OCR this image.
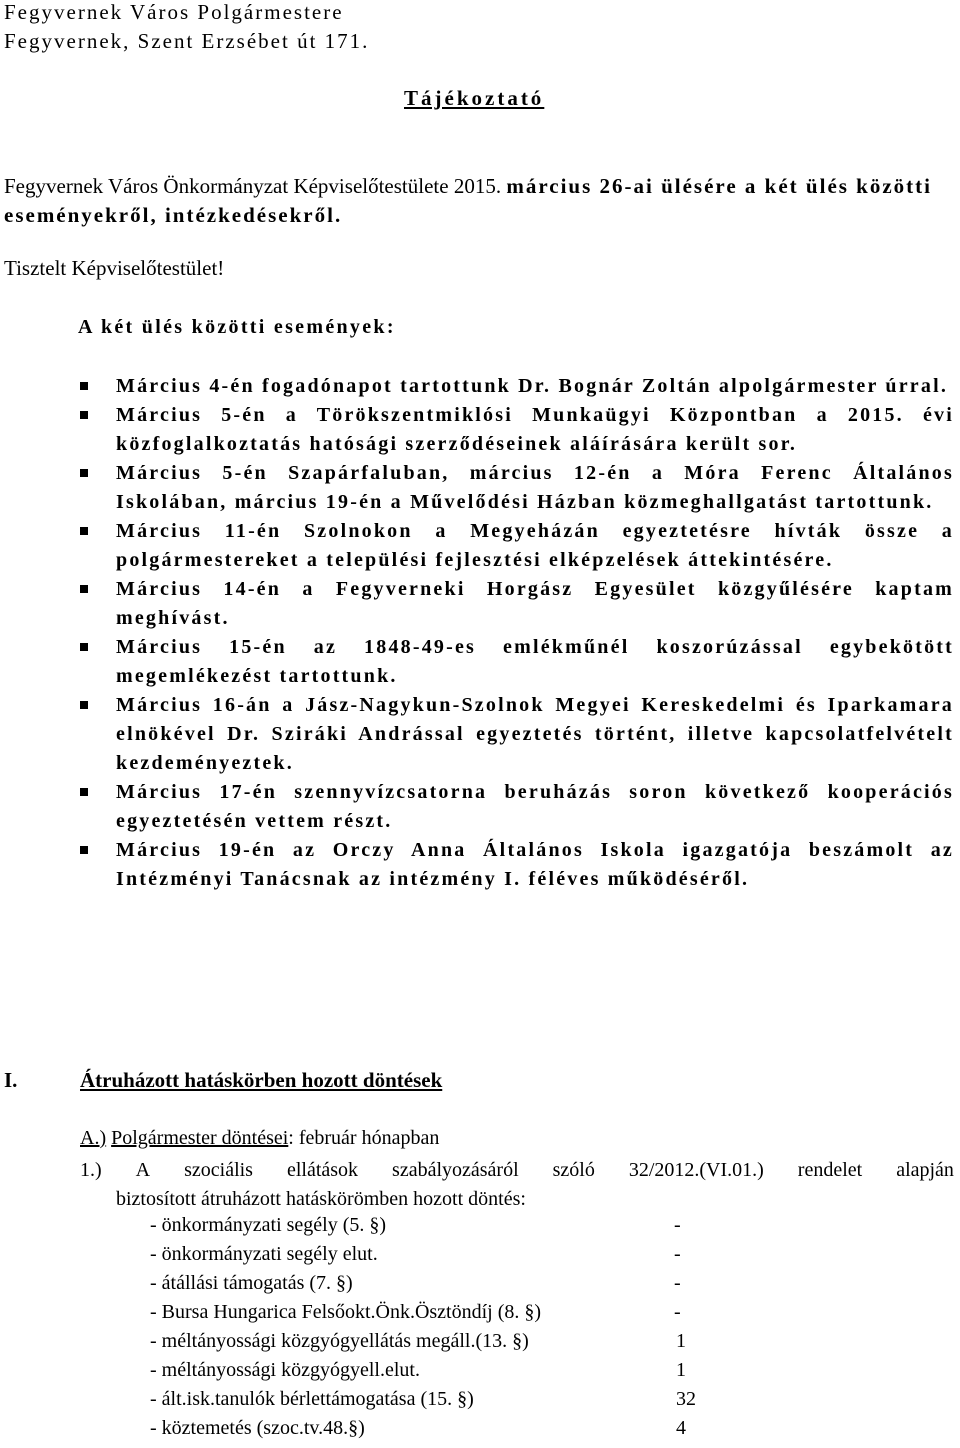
Fegyvernek Város Polgármestere
Fegyvernek, Szent Erzsébet út 171.
Tájékoztató
Fegyvernek Város Önkormányzat Képviselőtestülete 2015. március 26-ai ülésére a két ülés közötti eseményekről, intézkedésekről.
Tisztelt Képviselőtestület!
A két ülés közötti események:
Március 4-én fogadónapot tartottunk Dr. Bognár Zoltán alpolgármester úrral.
Március 5-én a Törökszentmiklósi Munkaügyi Központban a 2015. évi közfoglalkoztatás hatósági szerződéseinek aláírására került sor.
Március 5-én Szapárfaluban, március 12-én a Móra Ferenc Általános Iskolában, március 19-én a Művelődési Házban közmeghallgatást tartottunk.
Március 11-én Szolnokon a Megyeházán egyeztetésre hívták össze a polgármestereket a települési fejlesztési elképzelések áttekintésére.
Március 14-én a Fegyverneki Horgász Egyesület közgyűlésére kaptam meghívást.
Március 15-én az 1848-49-es emlékműnél koszorúzással egybekötött megemlékezést tartottunk.
Március 16-án a Jász-Nagykun-Szolnok Megyei Kereskedelmi és Iparkamara elnökével Dr. Sziráki Andrással egyeztetés történt, illetve kapcsolatfelvételt kezdeményeztek.
Március 17-én szennyvízcsatorna beruházás soron következő kooperációs egyeztetésén vettem részt.
Március 19-én az Orczy Anna Általános Iskola igazgatója beszámolt az Intézményi Tanácsnak az intézmény I. féléves működéséről.
I.	Átruházott hatáskörben hozott döntések
A.) Polgármester döntései: február hónapban
1.) A szociális ellátások szabályozásáról szóló 32/2012.(VI.01.) rendelet alapján
biztosított átruházott hatáskörömben hozott döntés:
- önkormányzati segély (5. §)	-
- önkormányzati segély elut.	-
- átállási támogatás (7. §)	-
- Bursa Hungarica Felsőokt.Önk.Ösztöndíj (8. §)	-
- méltányossági közgyógyellátás megáll.(13. §)	1
- méltányossági közgyógyell.elut.	1
- ált.isk.tanulók bérlettámogatása (15. §)	32
- köztemetés (szoc.tv.48.§)	4
